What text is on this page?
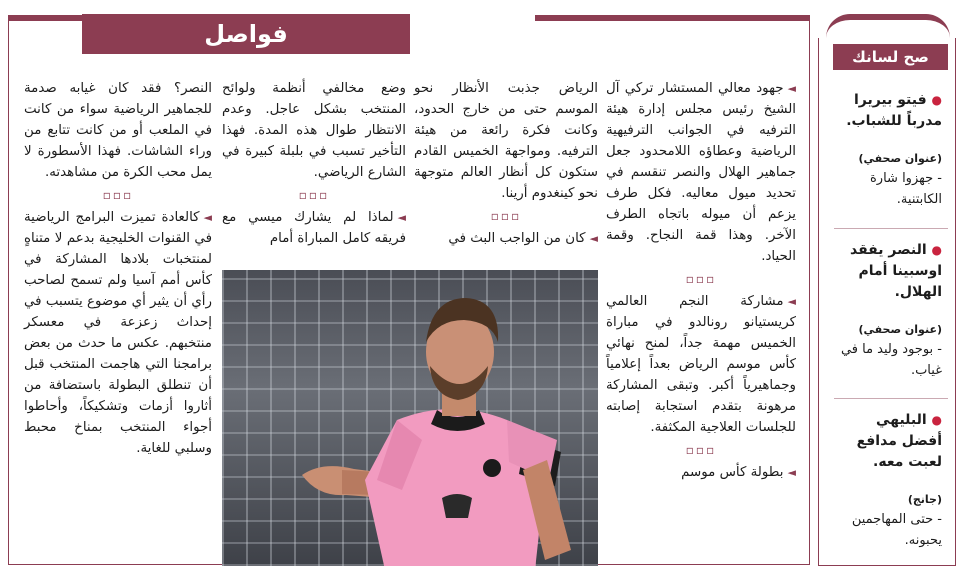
فواصل

◄جهود معالي المستشار تركي آل الشيخ رئيس مجلس إدارة هيئة الترفيه في الجوانب الترفيهية الرياضية وعطاؤه اللامحدود جعل جماهير الهلال والنصر تنقسم في تحديد ميول معاليه. فكل طرف يزعم أن ميوله باتجاه الطرف الآخر. وهذا قمة النجاح. وقمة الحياد.

▫▫▫

◄مشاركة النجم العالمي كريستيانو رونالدو في مباراة الخميس مهمة جداً، لمنح نهائي كأس موسم الرياض بعداً إعلامياً وجماهيرياً أكبر. وتبقى المشاركة مرهونة بتقدم استجابة إصابته للجلسات العلاجية المكثفة.

▫▫▫

◄بطولة كأس موسم

الرياض جذبت الأنظار نحو الموسم حتى من خارج الحدود، وكانت فكرة رائعة من هيئة الترفيه. ومواجهة الخميس القادم ستكون كل أنظار العالم متوجهة نحو كينغدوم أرينا.

▫▫▫

◄كان من الواجب البث في

وضع مخالفي أنظمة ولوائح المنتخب بشكل عاجل. وعدم الانتظار طوال هذه المدة. فهذا التأخير تسبب في بلبلة كبيرة في الشارع الرياضي.

▫▫▫

◄لماذا لم يشارك ميسي مع فريقه كامل المباراة أمام

النصر؟ فقد كان غيابه صدمة للجماهير الرياضية سواء من كانت في الملعب أو من كانت تتابع من وراء الشاشات. فهذا الأسطورة لا يمل محب الكرة من مشاهدته.

▫▫▫

◄كالعادة تميزت البرامج الرياضية في القنوات الخليجية بدعم لا متناهٍ لمنتخبات بلادها المشاركة في كأس أمم آسيا ولم تسمح لصاحب رأي أن يثير أي موضوع يتسبب في إحداث زعزعة في معسكر منتخبهم. عكس ما حدث من بعض برامجنا التي هاجمت المنتخب قبل أن تنطلق البطولة باستضافة من أثاروا أزمات وتشكيكاً، وأحاطوا أجواء المنتخب بمناخ محبط وسلبي للغاية.

صح لسانك
● فيتو بيريرا مدرباً للشباب.
(عنوان صحفي)
- جهزوا شارة الكابتنية.
● النصر يفقد اوسبينا أمام الهلال.
(عنوان صحفي)
- بوجود وليد ما في غياب.
● البليهي أفضل مدافع لعبت معه.
(جانج)
- حتى المهاجمين يحبونه.
